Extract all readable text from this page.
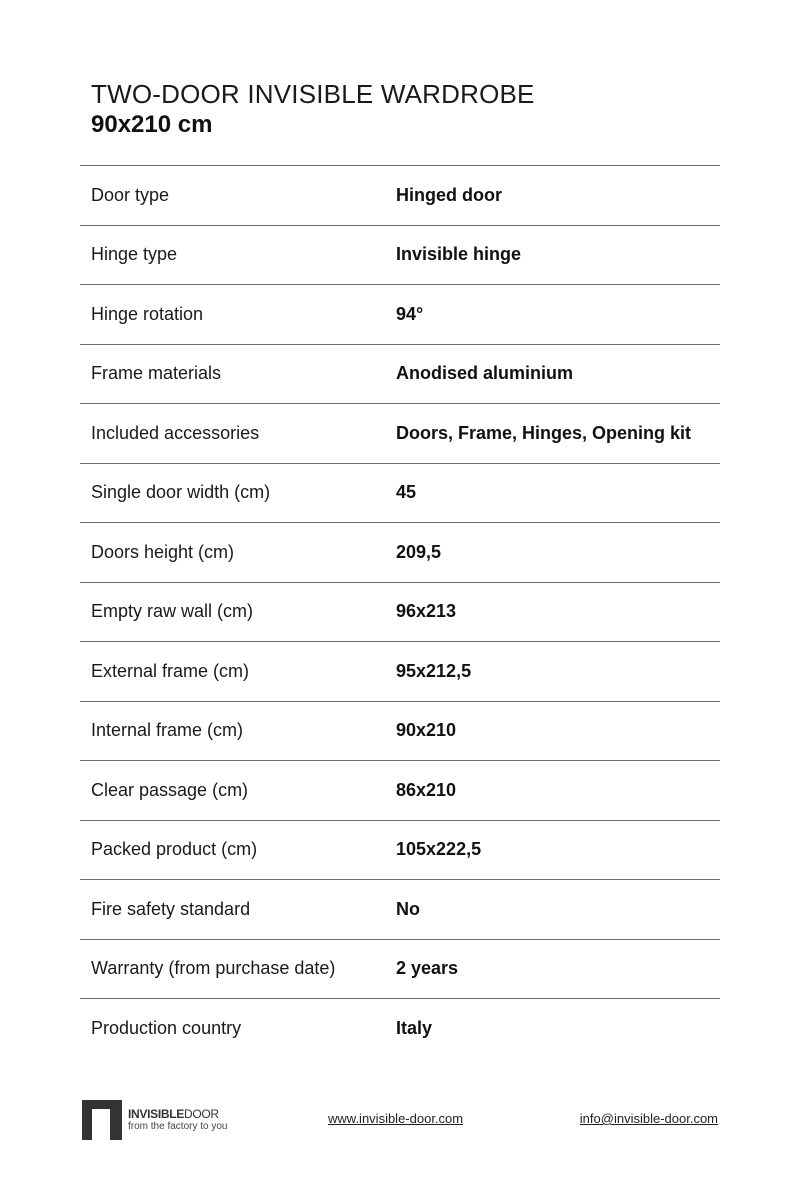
TWO-DOOR INVISIBLE WARDROBE
90x210 cm
Door type	Hinged door
Hinge type	Invisible hinge
Hinge rotation	94°
Frame materials	Anodised aluminium
Included accessories	Doors, Frame, Hinges, Opening kit
Single door width (cm)	45
Doors height (cm)	209,5
Empty raw wall (cm)	96x213
External frame (cm)	95x212,5
Internal frame (cm)	90x210
Clear passage (cm)	86x210
Packed product (cm)	105x222,5
Fire safety standard	No
Warranty (from purchase date)	2 years
Production country	Italy
INVISIBLEDOOR
from the factory to you
www.invisible-door.com	info@invisible-door.com
